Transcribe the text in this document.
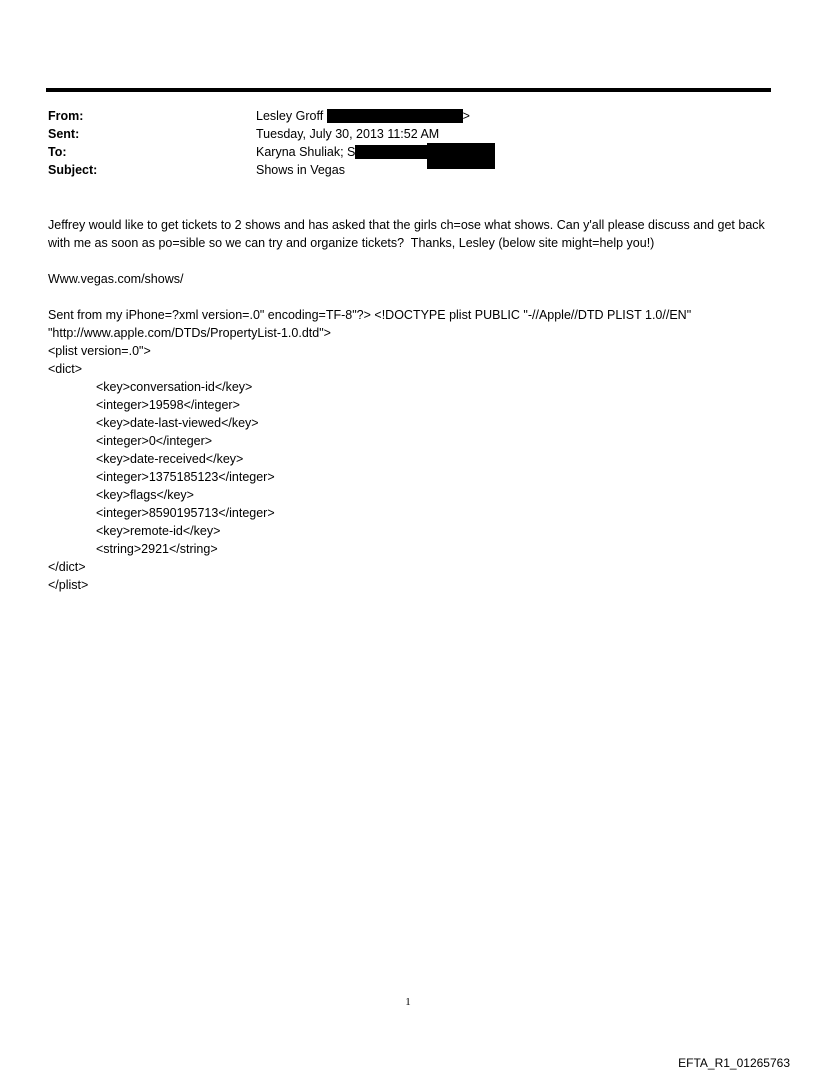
From:	Lesley Groff	>
Sent:	Tuesday, July 30, 2013 11:52 AM
To:	Karyna Shuliak; S
Subject:	Shows in Vegas

Jeffrey would like to get tickets to 2 shows and has asked that the girls ch=ose what shows. Can y'all please discuss and get back with me as soon as po=sible so we can try and organize tickets?  Thanks, Lesley (below site might=help you!)

Www.vegas.com/shows/

Sent from my iPhone=?xml version=.0" encoding=TF-8"?> <!DOCTYPE plist PUBLIC "-//Apple//DTD PLIST 1.0//EN"
"http://www.apple.com/DTDs/PropertyList-1.0.dtd">
<plist version=.0">
<dict>
<key>conversation-id</key>
<integer>19598</integer>
<key>date-last-viewed</key>
<integer>0</integer>
<key>date-received</key>
<integer>1375185123</integer>
<key>flags</key>
<integer>8590195713</integer>
<key>remote-id</key>
<string>2921</string>
</dict>
</plist>
1
EFTA_R1_01265763
